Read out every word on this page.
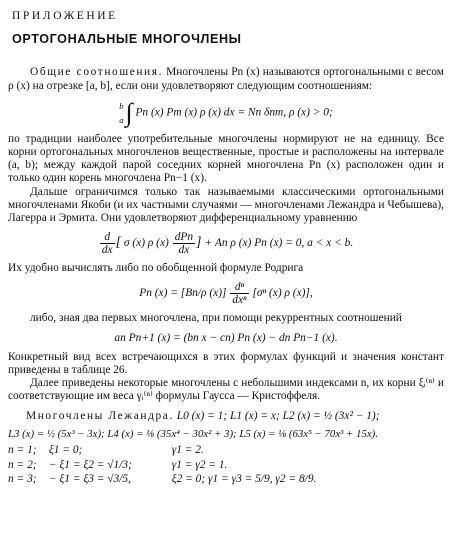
ПРИЛОЖЕНИЕ
ОРТОГОНАЛЬНЫЕ МНОГОЧЛЕНЫ

Общие соотношения. Многочлены Pn (x) называются ортогональными с весом ρ (x) на отрезке [a, b], если они удовлетворяют следующим соотношениям:

b
a ∫ Pn (x) Pm (x) ρ (x) dx = Nn δnm, ρ (x) > 0;

по традиции наиболее употребительные многочлены нормируют не на единицу. Все корни ортогональных многочленов вещественные, простые и расположены на интервале (a, b); между каждой парой соседних корней многочлена Pn (x) расположен один и только один корень многочлена Pn−1 (x).

Дальше ограничимся только так называемыми классическими ортогональными многочленами Якоби (и их частными случаями — многочленами Лежандра и Чебышева), Лагерра и Эрмита. Они удовлетворяют дифференциальному уравнению

$\frac{d}{dx}$ [ σ (x) ρ $(x) \frac{\text{dPn}}{dx}$ ] + An ρ (x) Pn (x) = 0, a < x < b.

Их удобно вычислять либо по обобщенной формуле Родрига

Pn (x) = [Bn/ρ $(x)] \frac{\text{dⁿ}}{\text{dxⁿ}} [\sigma^n$ (x) ρ (x)],

либо, зная два первых многочлена, при помощи рекуррентных соотношений

an Pn+1 (x) = (bn x − cn) Pn (x) − dn Pn−1 (x).

Конкретный вид всех встречающихся в этих формулах функций и значения констант приведены в таблице 26.

Далее приведены некоторые многочлены с небольшими индексами n, их корни ξᵢ⁽ⁿ⁾ и соответствующие им веса γᵢ⁽ⁿ⁾ формулы Гаусса — Кристоффеля.

Многочлены Лежандра. L0 (x) = 1; L1 (x) = x; L2 (x) = ½ (3x² − 1);
L3 (x) = ½ (5x³ − 3x); L4 (x) = ⅛ (35x⁴ − 30x² + 3); L5 (x) = ⅛ (63x⁵ − 70x³ + 15x).
n = 1; ξ1 = 0;	γ1 = 2.
n = 2; − ξ1 = ξ2 = √1/3;	γ1 = γ2 = 1.
n = 3; − ξ1 = ξ3 = √3/5,	ξ2 = 0; γ1 = γ3 = 5/9, γ2 = 8/9.
